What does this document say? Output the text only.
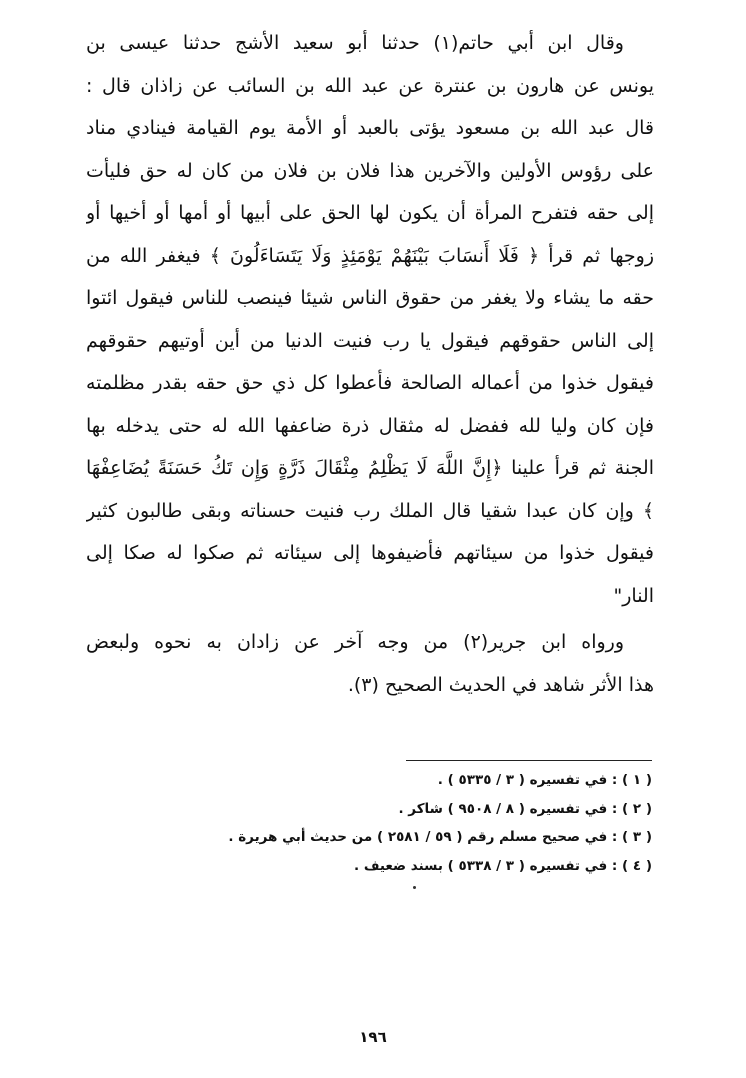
وقال ابن أبي حاتم(١) حدثنا أبو سعيد الأشج حدثنا عيسى بن
يونس عن هارون بن عنترة عن عبد الله بن السائب عن زاذان قال :
قال عبد الله بن مسعود يؤتى بالعبد أو الأمة يوم القيامة فينادي مناد
على رؤوس الأولين والآخرين هذا فلان بن فلان من كان له حق فليأت
إلى حقه فتفرح المرأة أن يكون لها الحق على أبيها أو أمها أو أخيها أو
زوجها ثم قرأ ﴿ فَلَا أَنسَابَ بَيْنَهُمْ يَوْمَئِذٍ وَلَا يَتَسَاءَلُونَ ﴾ فيغفر الله من
حقه ما يشاء ولا يغفر من حقوق الناس شيئا فينصب للناس فيقول ائتوا
إلى الناس حقوقهم فيقول يا رب فنيت الدنيا من أين أوتيهم حقوقهم
فيقول خذوا من أعماله الصالحة فأعطوا كل ذي حق حقه بقدر مظلمته
فإن كان وليا لله ففضل له مثقال ذرة ضاعفها الله له حتى يدخله بها
الجنة ثم قرأ علينا ﴿إِنَّ اللَّهَ لَا يَظْلِمُ مِثْقَالَ ذَرَّةٍ وَإِن تَكُ حَسَنَةً يُضَاعِفْهَا
﴾ وإن كان عبدا شقيا قال الملك رب فنيت حسناته وبقى طالبون كثير
فيقول خذوا من سيئاتهم فأضيفوها إلى سيئاته ثم صكوا له صكا إلى
النار"
ورواه ابن جرير(٢) من وجه آخر عن زادان به نحوه ولبعض
هذا الأثر شاهد في الحديث الصحيح (٣).
( ١ ) : في تفسيره ( ٣ / ٥٣٣٥ ) .
( ٢ ) : في تفسيره ( ٨ / ٩٥٠٨ ) شاكر .
( ٣ ) : في صحيح مسلم رقم ( ٥٩ / ٢٥٨١ ) من حديث أبي هريرة .
( ٤ ) : في تفسيره ( ٣ / ٥٣٣٨ ) بسند ضعيف .
١٩٦
